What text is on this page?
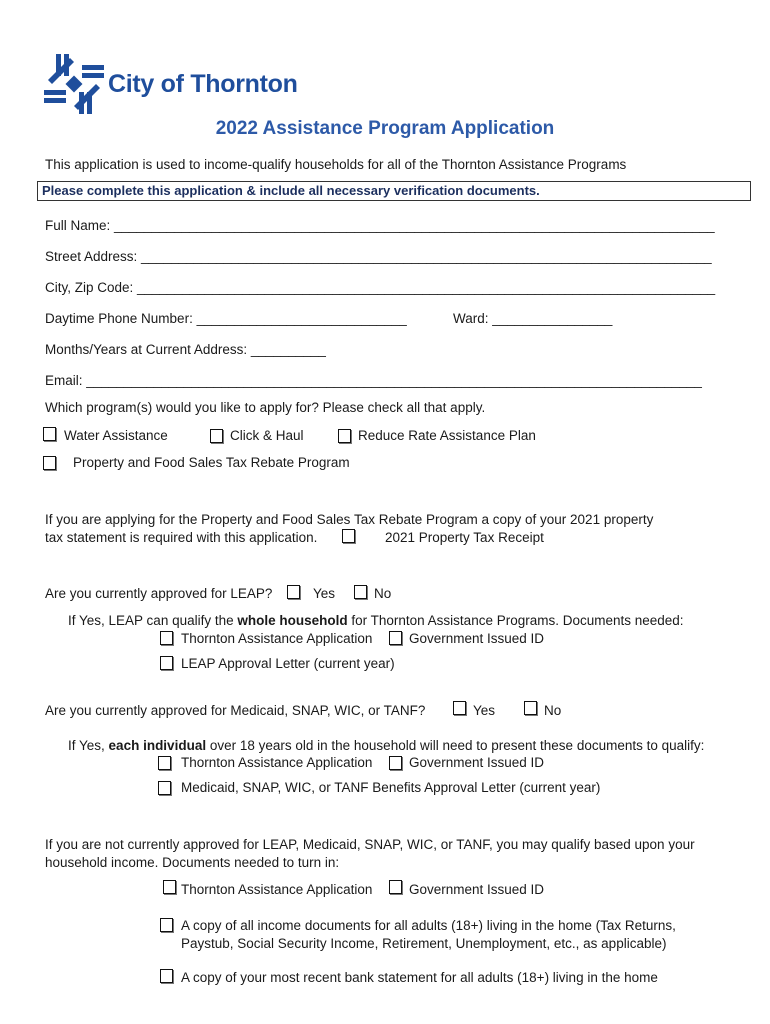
City of Thornton
2022 Assistance Program Application
This application is used to income-qualify households for all of the Thornton Assistance Programs
Please complete this application & include all necessary verification documents.
Full Name: ________________________________________________________________________________
Street Address: ____________________________________________________________________________
City, Zip Code: _____________________________________________________________________________
Daytime Phone Number: ____________________________	Ward: ________________
Months/Years at Current Address: __________
Email: __________________________________________________________________________________
Which program(s) would you like to apply for? Please check all that apply.
Water Assistance	Click & Haul	Reduce Rate Assistance Plan
Property and Food Sales Tax Rebate Program
If you are applying for the Property and Food Sales Tax Rebate Program a copy of your 2021 property
tax statement is required with this application.	2021 Property Tax Receipt
Are you currently approved for LEAP?	Yes	No
If Yes, LEAP can qualify the whole household for Thornton Assistance Programs. Documents needed:
Thornton Assistance Application	Government Issued ID
LEAP Approval Letter (current year)
Are you currently approved for Medicaid, SNAP, WIC, or TANF?	Yes	No
If Yes, each individual over 18 years old in the household will need to present these documents to qualify:
Thornton Assistance Application	Government Issued ID
Medicaid, SNAP, WIC, or TANF Benefits Approval Letter (current year)
If you are not currently approved for LEAP, Medicaid, SNAP, WIC, or TANF, you may qualify based upon your
household income. Documents needed to turn in:
Thornton Assistance Application	Government Issued ID
A copy of all income documents for all adults (18+) living in the home (Tax Returns,
Paystub, Social Security Income, Retirement, Unemployment, etc., as applicable)
A copy of your most recent bank statement for all adults (18+) living in the home
